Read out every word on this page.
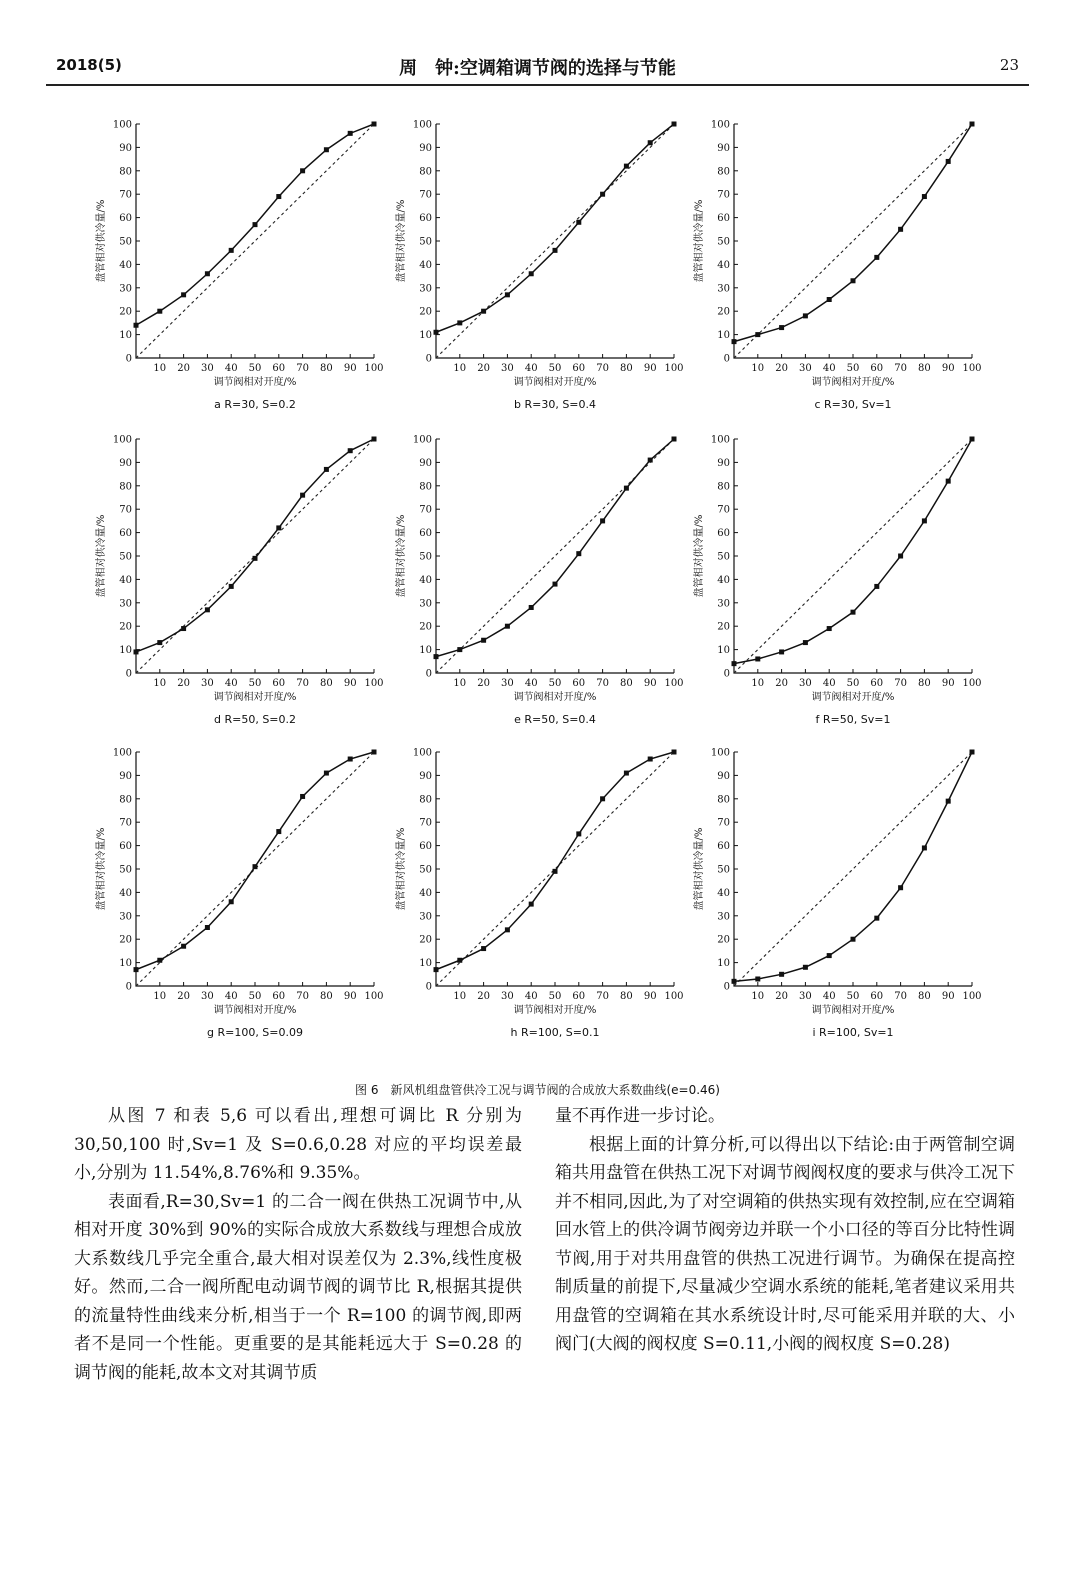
2018(5)	周　钟:空调箱调节阀的选择与节能	23
0
10
20
30
40
50
60
70
80
90
100
10 20 30 40 50 60 70 80 90 100
调节阀相对开度/%
盘管相对供冷量/%
a R=30, S=0.2
0
10
20
30
40
50
60
70
80
90
100
10 20 30 40 50 60 70 80 90 100
调节阀相对开度/%
盘管相对供冷量/%
b R=30, S=0.4
0
10
20
30
40
50
60
70
80
90
100
10 20 30 40 50 60 70 80 90 100
调节阀相对开度/%
盘管相对供冷量/%
c R=30, Sv=1
0
10
20
30
40
50
60
70
80
90
100
10 20 30 40 50 60 70 80 90 100
调节阀相对开度/%
盘管相对供冷量/%
d R=50, S=0.2
0
10
20
30
40
50
60
70
80
90
100
10 20 30 40 50 60 70 80 90 100
调节阀相对开度/%
盘管相对供冷量/%
e R=50, S=0.4
0
10
20
30
40
50
60
70
80
90
100
10 20 30 40 50 60 70 80 90 100
调节阀相对开度/%
盘管相对供冷量/%
f R=50, Sv=1
0
10
20
30
40
50
60
70
80
90
100
10 20 30 40 50 60 70 80 90 100
调节阀相对开度/%
盘管相对供冷量/%
g R=100, S=0.09
0
10
20
30
40
50
60
70
80
90
100
10 20 30 40 50 60 70 80 90 100
调节阀相对开度/%
盘管相对供冷量/%
h R=100, S=0.1
0
10
20
30
40
50
60
70
80
90
100
10 20 30 40 50 60 70 80 90 100
调节阀相对开度/%
盘管相对供冷量/%
i R=100, Sv=1
图 6　新风机组盘管供冷工况与调节阀的合成放大系数曲线(e=0.46)

从图 7 和表 5,6 可以看出,理想可调比 R 分别为 30,50,100 时,Sv=1 及 S=0.6,0.28 对应的平均误差最小,分别为 11.54%,8.76%和 9.35%。

表面看,R=30,Sv=1 的二合一阀在供热工况调节中,从相对开度 30%到 90%的实际合成放大系数线与理想合成放大系数线几乎完全重合,最大相对误差仅为 2.3%,线性度极好。然而,二合一阀所配电动调节阀的调节比 R,根据其提供的流量特性曲线来分析,相当于一个 R=100 的调节阀,即两者不是同一个性能。更重要的是其能耗远大于 S=0.28 的调节阀的能耗,故本文对其调节质

量不再作进一步讨论。

根据上面的计算分析,可以得出以下结论:由于两管制空调箱共用盘管在供热工况下对调节阀阀权度的要求与供冷工况下并不相同,因此,为了对空调箱的供热实现有效控制,应在空调箱回水管上的供冷调节阀旁边并联一个小口径的等百分比特性调节阀,用于对共用盘管的供热工况进行调节。为确保在提高控制质量的前提下,尽量减少空调水系统的能耗,笔者建议采用共用盘管的空调箱在其水系统设计时,尽可能采用并联的大、小阀门(大阀的阀权度 S=0.11,小阀的阀权度 S=0.28)
